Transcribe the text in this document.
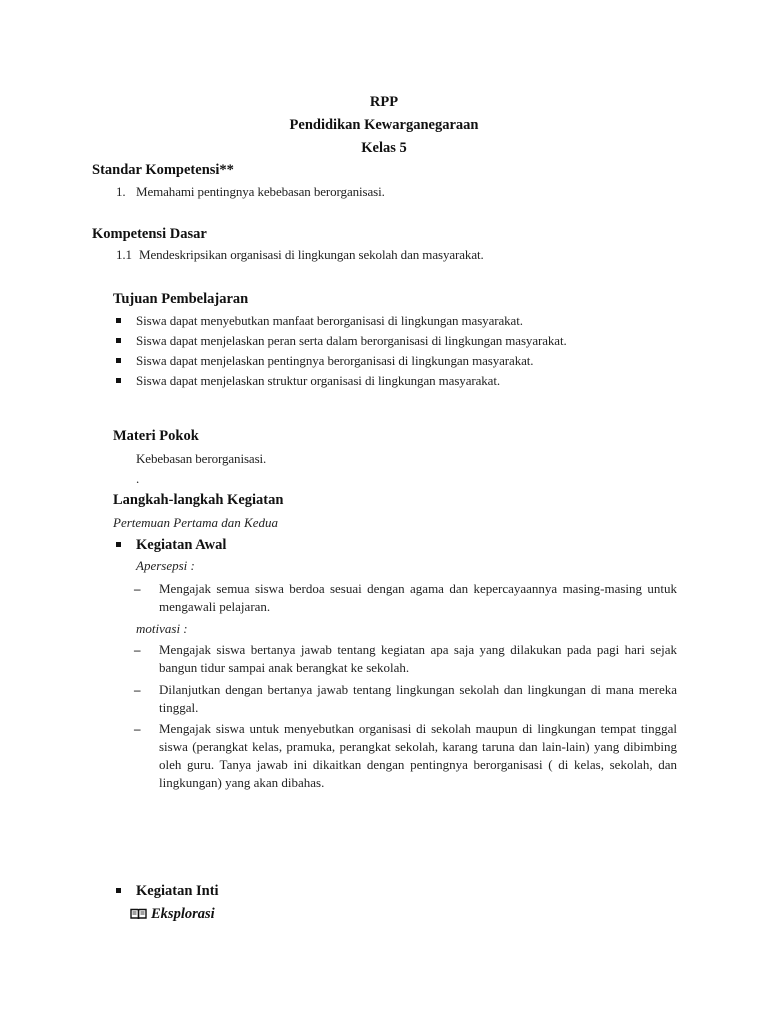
RPP
Pendidikan Kewarganegaraan
Kelas 5
Standar Kompetensi**
1. Memahami pentingnya kebebasan berorganisasi.
Kompetensi Dasar
1.1 Mendeskripsikan organisasi di lingkungan sekolah dan masyarakat.
Tujuan Pembelajaran
Siswa dapat menyebutkan manfaat berorganisasi di lingkungan masyarakat.
Siswa dapat menjelaskan peran serta dalam berorganisasi di lingkungan masyarakat.
Siswa dapat menjelaskan pentingnya berorganisasi di lingkungan masyarakat.
Siswa dapat menjelaskan struktur organisasi di lingkungan masyarakat.
Materi Pokok
Kebebasan berorganisasi.
.
Langkah-langkah Kegiatan
Pertemuan Pertama dan Kedua
Kegiatan Awal
Apersepsi :
– Mengajak semua siswa berdoa sesuai dengan agama dan kepercayaannya masing-masing untuk mengawali pelajaran.
motivasi :
– Mengajak siswa bertanya jawab tentang kegiatan apa saja yang dilakukan pada pagi hari sejak bangun tidur sampai anak berangkat ke sekolah.
– Dilanjutkan dengan bertanya jawab tentang lingkungan sekolah dan lingkungan di mana mereka tinggal.
– Mengajak siswa untuk menyebutkan organisasi di sekolah maupun di lingkungan tempat tinggal siswa (perangkat kelas, pramuka, perangkat sekolah, karang taruna dan lain-lain) yang dibimbing oleh guru. Tanya jawab ini dikaitkan dengan pentingnya berorganisasi ( di kelas, sekolah, dan lingkungan) yang akan dibahas.
Kegiatan Inti
Eksplorasi
